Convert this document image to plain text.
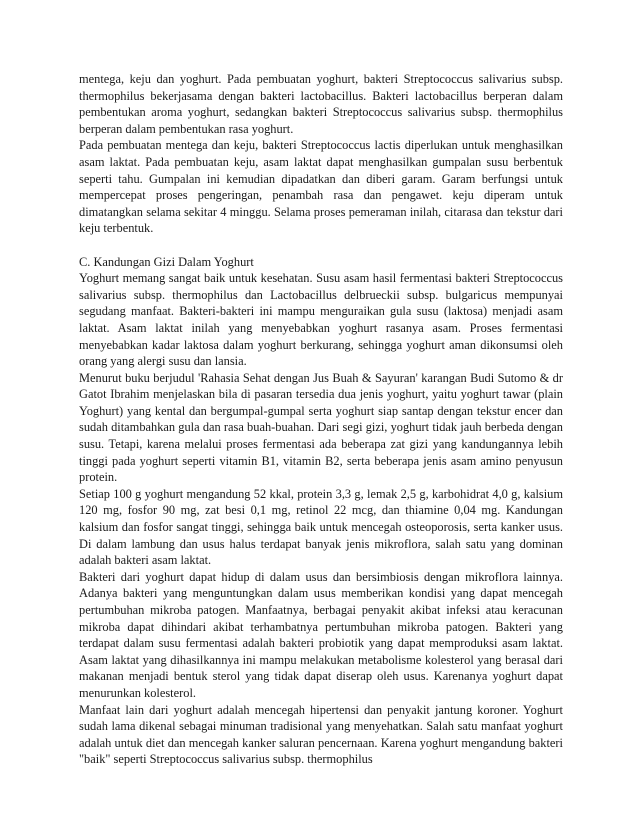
mentega, keju dan yoghurt. Pada pembuatan yoghurt, bakteri Streptococcus salivarius subsp. thermophilus bekerjasama dengan bakteri lactobacillus. Bakteri lactobacillus berperan dalam pembentukan aroma yoghurt, sedangkan bakteri Streptococcus salivarius subsp. thermophilus berperan dalam pembentukan rasa yoghurt.

Pada pembuatan mentega dan keju, bakteri Streptococcus lactis diperlukan untuk menghasilkan asam laktat. Pada pembuatan keju, asam laktat dapat menghasilkan gumpalan susu berbentuk seperti tahu. Gumpalan ini kemudian dipadatkan dan diberi garam. Garam berfungsi untuk mempercepat proses pengeringan, penambah rasa dan pengawet. keju diperam untuk dimatangkan selama sekitar 4 minggu. Selama proses pemeraman inilah, citarasa dan tekstur dari keju terbentuk.

C. Kandungan Gizi Dalam Yoghurt

Yoghurt memang sangat baik untuk kesehatan. Susu asam hasil fermentasi bakteri Streptococcus salivarius subsp. thermophilus dan Lactobacillus delbrueckii subsp. bulgaricus mempunyai segudang manfaat. Bakteri-bakteri ini mampu menguraikan gula susu (laktosa) menjadi asam laktat. Asam laktat inilah yang menyebabkan yoghurt rasanya asam. Proses fermentasi menyebabkan kadar laktosa dalam yoghurt berkurang, sehingga yoghurt aman dikonsumsi oleh orang yang alergi susu dan lansia.

Menurut buku berjudul 'Rahasia Sehat dengan Jus Buah & Sayuran' karangan Budi Sutomo & dr Gatot Ibrahim menjelaskan bila di pasaran tersedia dua jenis yoghurt, yaitu yoghurt tawar (plain Yoghurt) yang kental dan bergumpal-gumpal serta yoghurt siap santap dengan tekstur encer dan sudah ditambahkan gula dan rasa buah-buahan. Dari segi gizi, yoghurt tidak jauh berbeda dengan susu. Tetapi, karena melalui proses fermentasi ada beberapa zat gizi yang kandungannya lebih tinggi pada yoghurt seperti vitamin B1, vitamin B2, serta beberapa jenis asam amino penyusun protein.

Setiap 100 g yoghurt mengandung 52 kkal, protein 3,3 g, lemak 2,5 g, karbohidrat 4,0 g, kalsium 120 mg, fosfor 90 mg, zat besi 0,1 mg, retinol 22 mcg, dan thiamine 0,04 mg. Kandungan kalsium dan fosfor sangat tinggi, sehingga baik untuk mencegah osteoporosis, serta kanker usus. Di dalam lambung dan usus halus terdapat banyak jenis mikroflora, salah satu yang dominan adalah bakteri asam laktat.

Bakteri dari yoghurt dapat hidup di dalam usus dan bersimbiosis dengan mikroflora lainnya. Adanya bakteri yang menguntungkan dalam usus memberikan kondisi yang dapat mencegah pertumbuhan mikroba patogen. Manfaatnya, berbagai penyakit akibat infeksi atau keracunan mikroba dapat dihindari akibat terhambatnya pertumbuhan mikroba patogen. Bakteri yang terdapat dalam susu fermentasi adalah bakteri probiotik yang dapat memproduksi asam laktat. Asam laktat yang dihasilkannya ini mampu melakukan metabolisme kolesterol yang berasal dari makanan menjadi bentuk sterol yang tidak dapat diserap oleh usus. Karenanya yoghurt dapat menurunkan kolesterol.

Manfaat lain dari yoghurt adalah mencegah hipertensi dan penyakit jantung koroner. Yoghurt sudah lama dikenal sebagai minuman tradisional yang menyehatkan. Salah satu manfaat yoghurt adalah untuk diet dan mencegah kanker saluran pencernaan. Karena yoghurt mengandung bakteri "baik" seperti Streptococcus salivarius subsp. thermophilus
